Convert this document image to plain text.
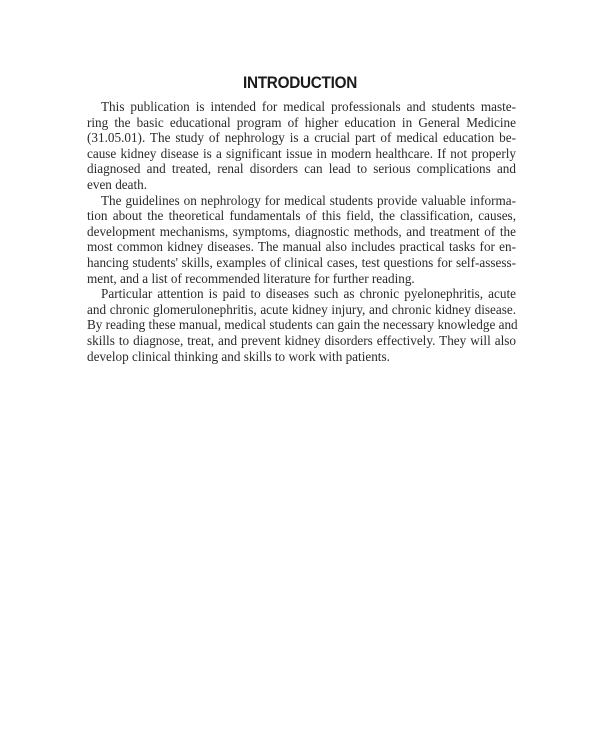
INTRODUCTION
This publication is intended for medical professionals and students maste-
ring the basic educational program of higher education in General Medicine
(31.05.01). The study of nephrology is a crucial part of medical education be-
cause kidney disease is a significant issue in modern healthcare. If not properly
diagnosed and treated, renal disorders can lead to serious complications and
even death.
The guidelines on nephrology for medical students provide valuable informa-
tion about the theoretical fundamentals of this field, the classification, causes,
development mechanisms, symptoms, diagnostic methods, and treatment of the
most common kidney diseases. The manual also includes practical tasks for en-
hancing students' skills, examples of clinical cases, test questions for self-assess-
ment, and a list of recommended literature for further reading.
Particular attention is paid to diseases such as chronic pyelonephritis, acute
and chronic glomerulonephritis, acute kidney injury, and chronic kidney disease.
By reading these manual, medical students can gain the necessary knowledge and
skills to diagnose, treat, and prevent kidney disorders effectively. They will also
develop clinical thinking and skills to work with patients.
